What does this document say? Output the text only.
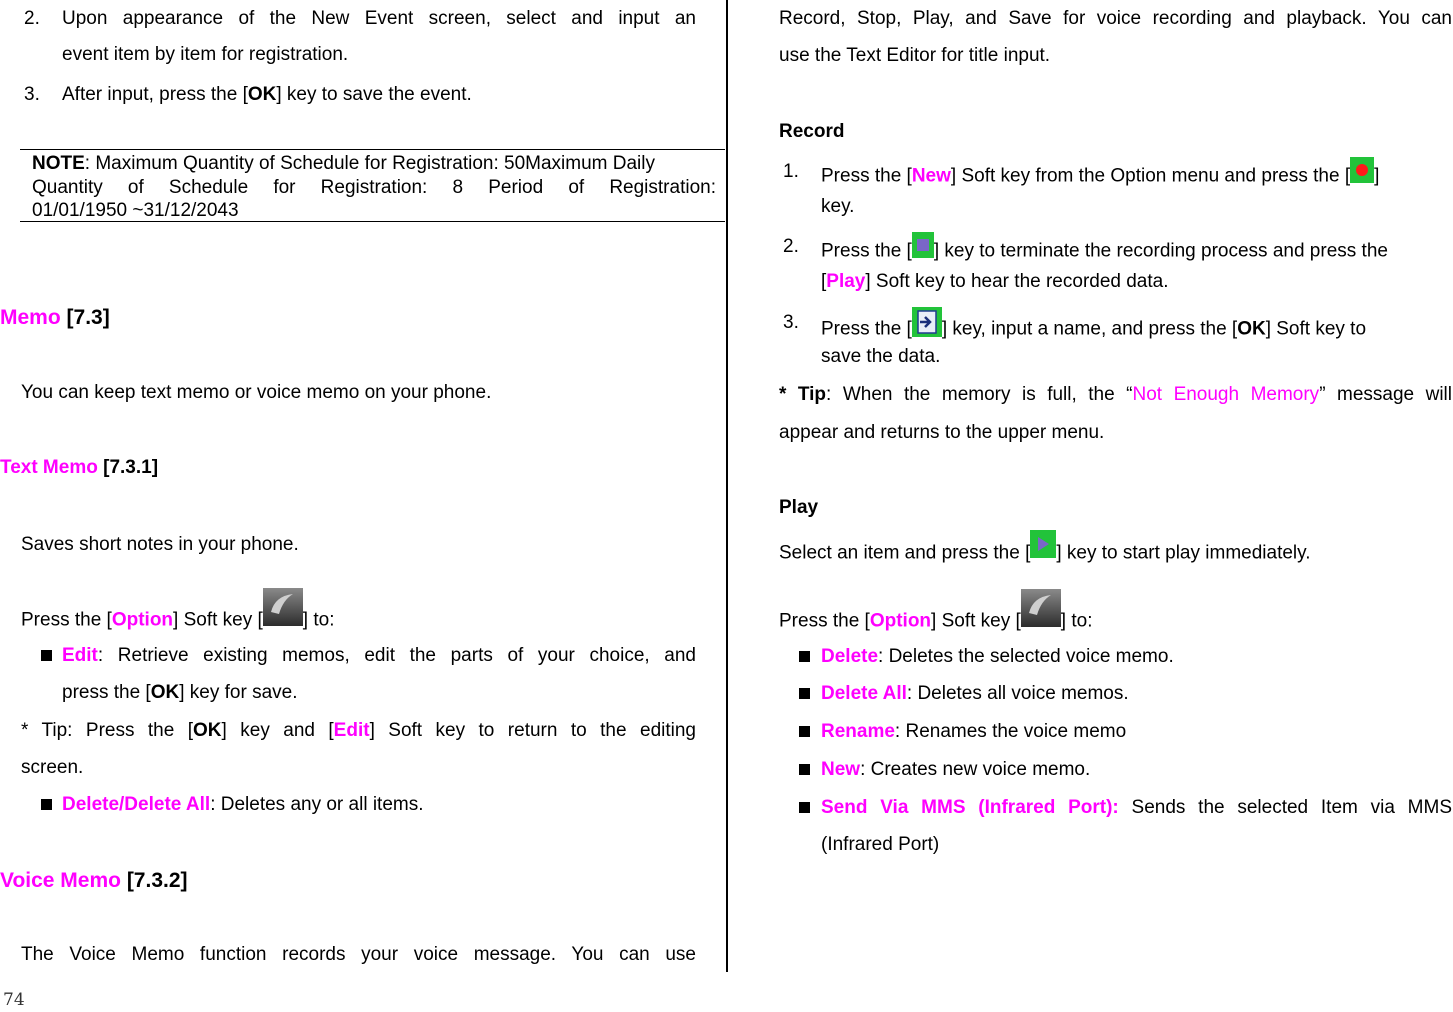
2. Upon appearance of the New Event screen, select and input an
event item by item for registration.
3. After input, press the [OK] key to save the event.
NOTE: Maximum Quantity of Schedule for Registration: 50Maximum Daily
Quantity of Schedule for Registration: 8 Period of Registration:
01/01/1950 ~31/12/2043
Memo [7.3]
You can keep text memo or voice memo on your phone.
Text Memo [7.3.1]
Saves short notes in your phone.
Press the [Option] Soft key [ ] to:
Edit: Retrieve existing memos, edit the parts of your choice, and
press the [OK] key for save.
* Tip: Press the [OK] key and [Edit] Soft key to return to the editing
screen.
Delete/Delete All: Deletes any or all items.
Voice Memo [7.3.2]
The Voice Memo function records your voice message. You can use
Record, Stop, Play, and Save for voice recording and playback. You can
use the Text Editor for title input.
Record
1. Press the [New] Soft key from the Option menu and press the [ ]
key.
2. Press the [ ] key to terminate the recording process and press the
[Play] Soft key to hear the recorded data.
3. Press the [ ] key, input a name, and press the [OK] Soft key to
save the data.
* Tip: When the memory is full, the “Not Enough Memory” message will
appear and returns to the upper menu.
Play
Select an item and press the [ ] key to start play immediately.
Press the [Option] Soft key [ ] to:
Delete: Deletes the selected voice memo.
Delete All: Deletes all voice memos.
Rename: Renames the voice memo
New: Creates new voice memo.
Send Via MMS (Infrared Port): Sends the selected Item via MMS
(Infrared Port)
74
